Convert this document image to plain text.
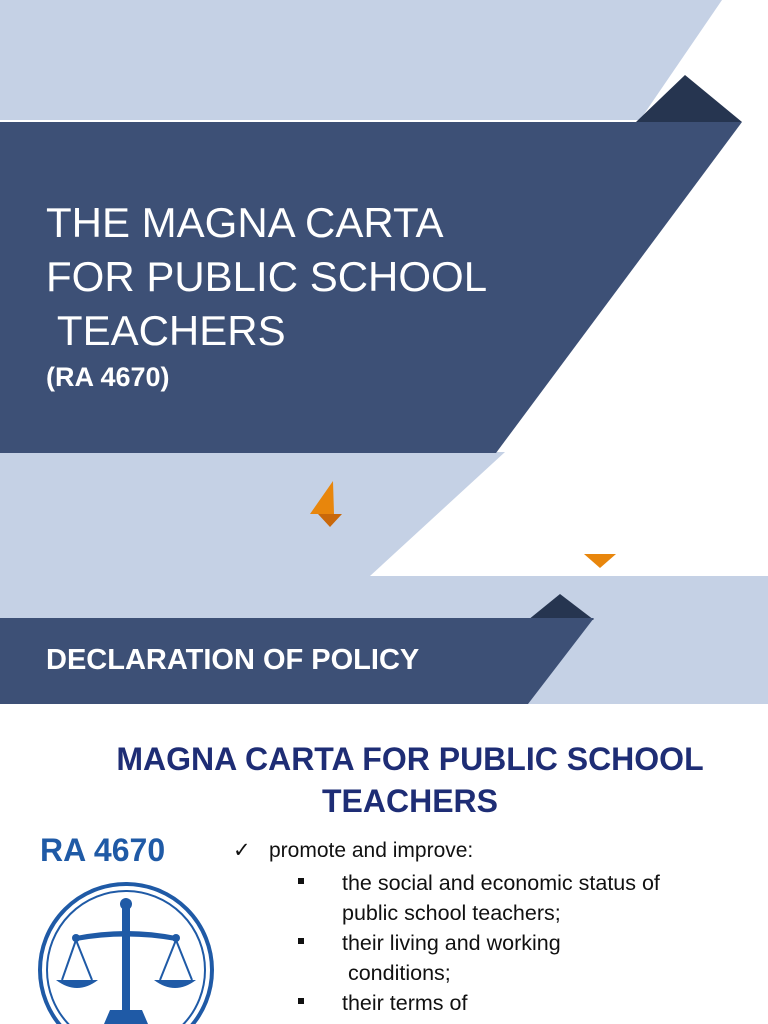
THE MAGNA CARTA
FOR PUBLIC SCHOOL
TEACHERS
(RA 4670)
DECLARATION OF POLICY
MAGNA CARTA FOR PUBLIC SCHOOL
TEACHERS
RA 4670	✓ promote and improve:
the social and economic status of
public school teachers;
their living and working
conditions;
their terms of
